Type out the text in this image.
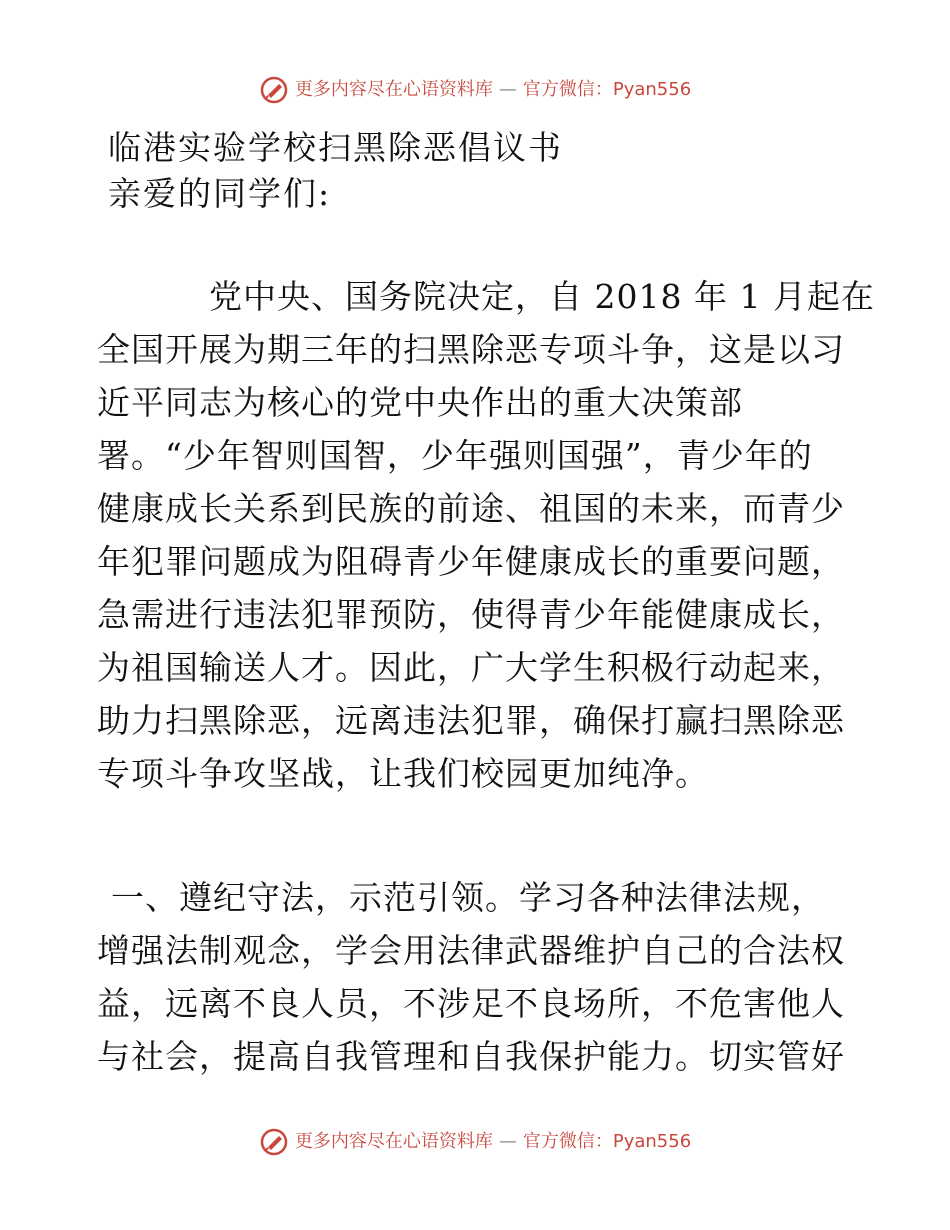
更多内容尽在心语资料库 — 官方微信：Pyan556
临港实验学校扫黑除恶倡议书
亲爱的同学们:
党中央、国务院决定，自 2018 年 1 月起在
全国开展为期三年的扫黑除恶专项斗争，这是以习
近平同志为核心的党中央作出的重大决策部
署。“少年智则国智，少年强则国强”，青少年的
健康成长关系到民族的前途、祖国的未来，而青少
年犯罪问题成为阻碍青少年健康成长的重要问题，
急需进行违法犯罪预防，使得青少年能健康成长，
为祖国输送人才。因此，广大学生积极行动起来，
助力扫黑除恶，远离违法犯罪，确保打赢扫黑除恶
专项斗争攻坚战，让我们校园更加纯净。
一、遵纪守法，示范引领。学习各种法律法规，
增强法制观念，学会用法律武器维护自己的合法权
益，远离不良人员，不涉足不良场所，不危害他人
与社会，提高自我管理和自我保护能力。切实管好
更多内容尽在心语资料库 — 官方微信：Pyan556
